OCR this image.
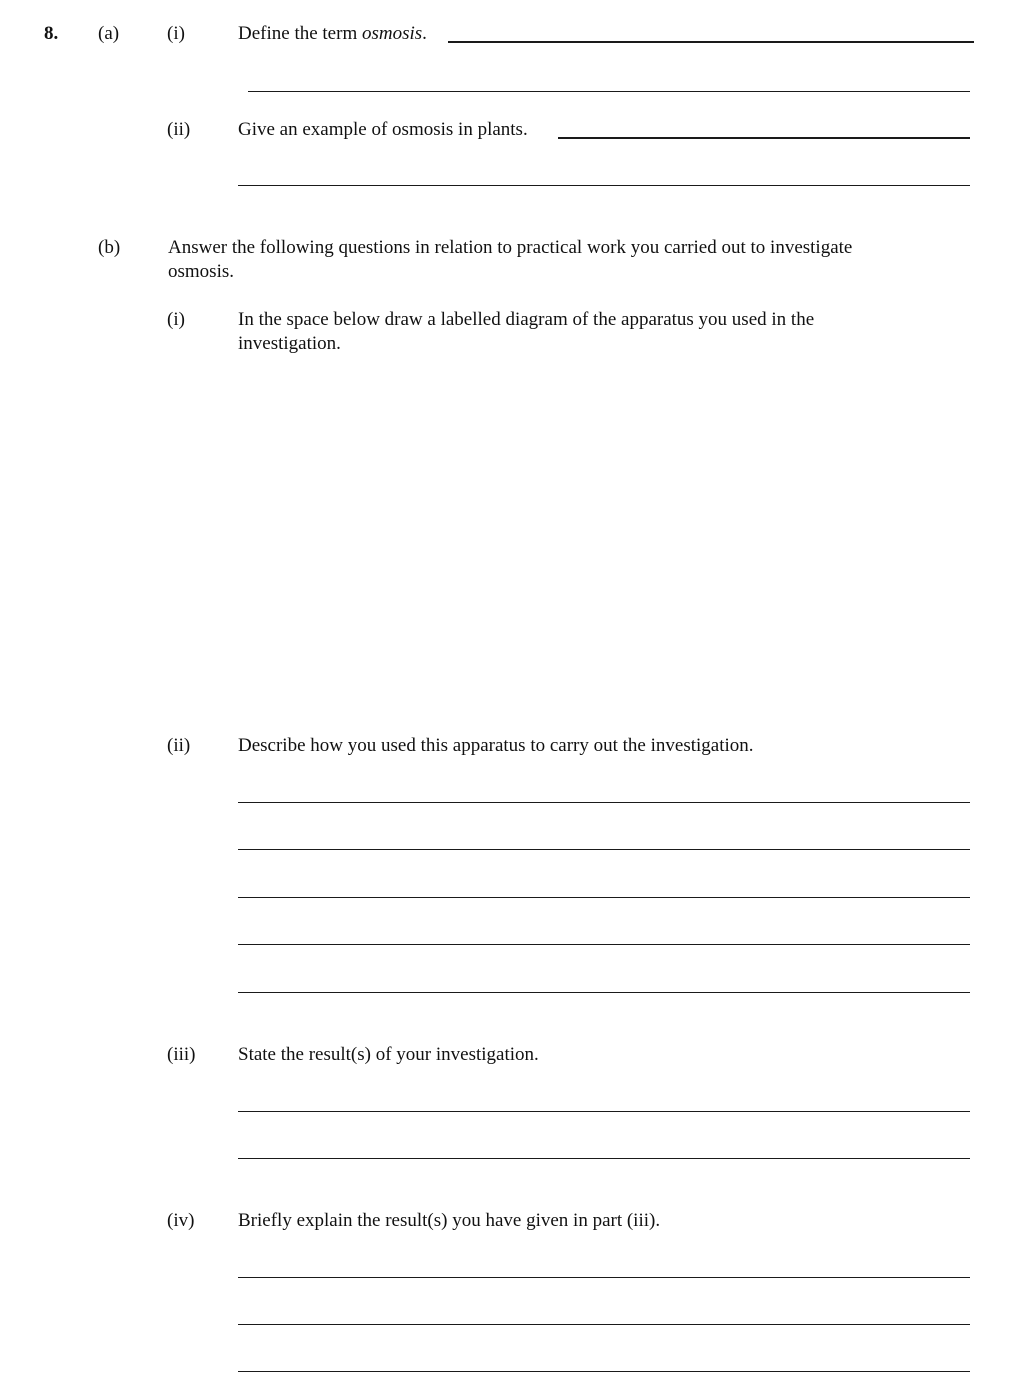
8. (a)	(i)	Define the term osmosis.
(ii)	Give an example of osmosis in plants.
(b)	Answer the following questions in relation to practical work you carried out to investigate
osmosis.
(i)	In the space below draw a labelled diagram of the apparatus you used in the
investigation.
(ii)	Describe how you used this apparatus to carry out the investigation.
(iii) State the result(s) of your investigation.
(iv) Briefly explain the result(s) you have given in part (iii).
